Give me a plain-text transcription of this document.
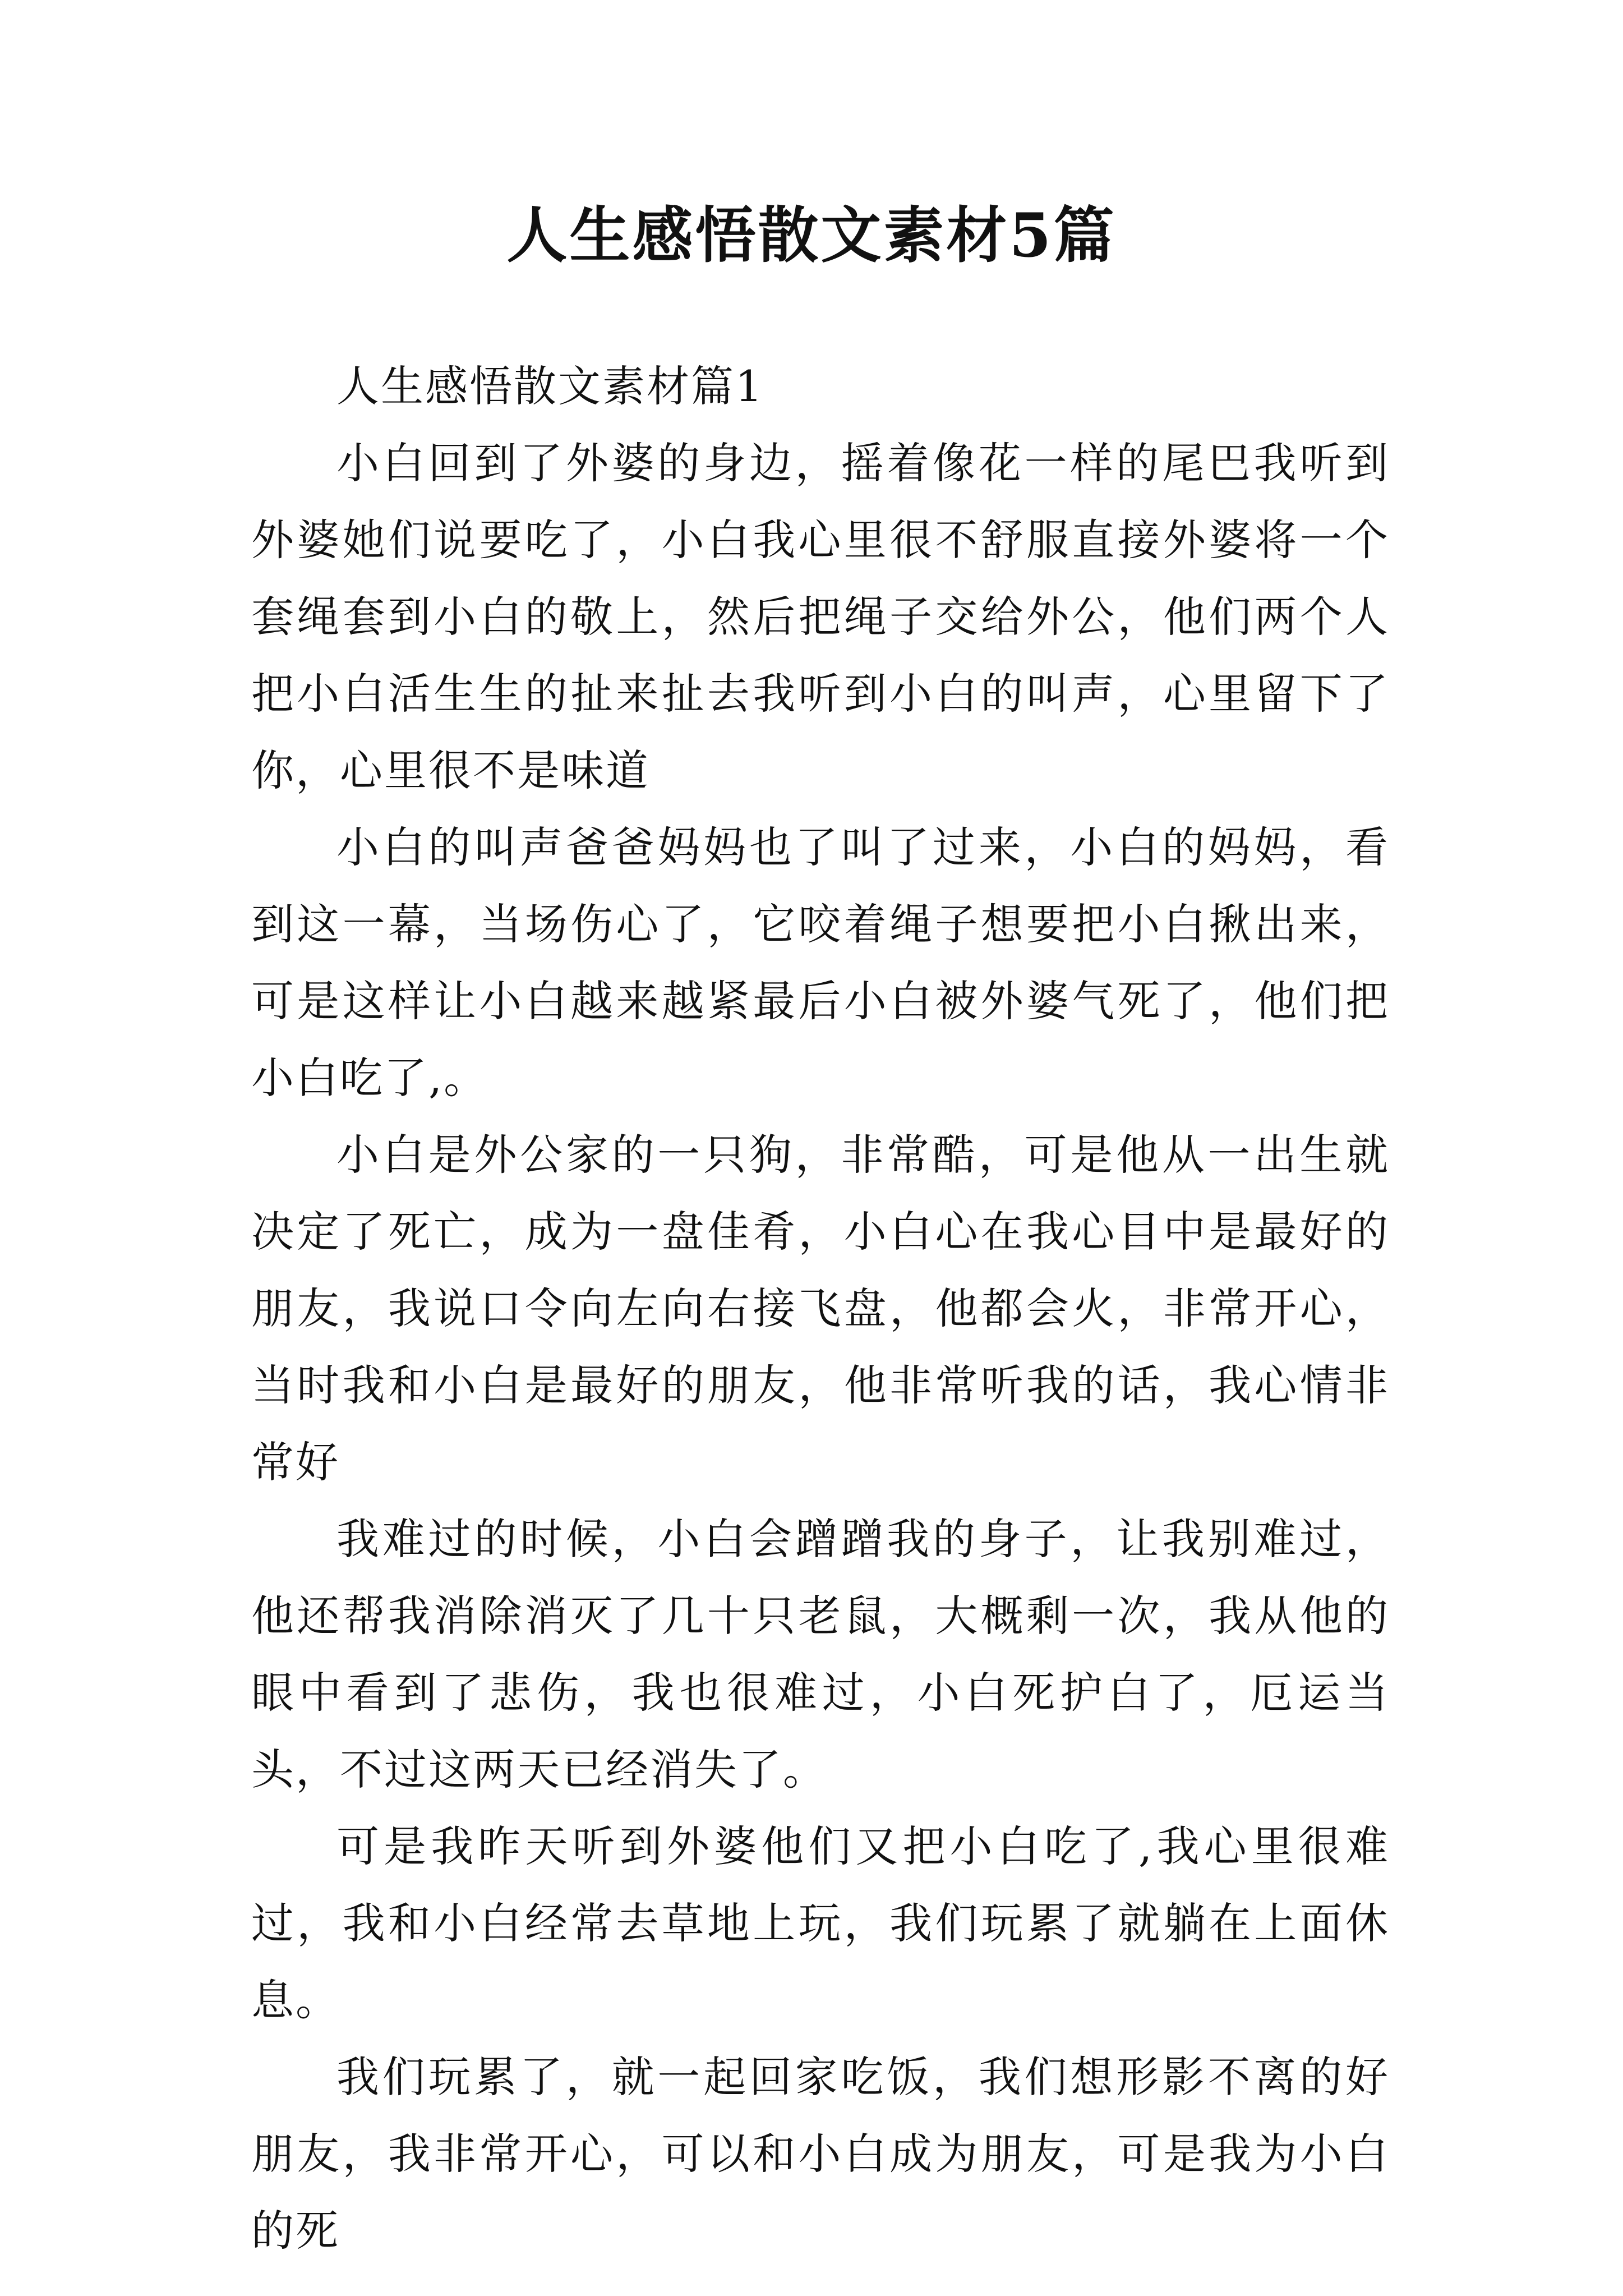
人生感悟散文素材5篇

人生感悟散文素材篇1

小白回到了外婆的身边，摇着像花一样的尾巴我听到外婆她们说要吃了，小白我心里很不舒服直接外婆将一个套绳套到小白的敬上，然后把绳子交给外公，他们两个人把小白活生生的扯来扯去我听到小白的叫声，心里留下了你，心里很不是味道

小白的叫声爸爸妈妈也了叫了过来，小白的妈妈，看到这一幕，当场伤心了，它咬着绳子想要把小白揪出来，可是这样让小白越来越紧最后小白被外婆气死了，他们把小白吃了,。

小白是外公家的一只狗，非常酷，可是他从一出生就决定了死亡，成为一盘佳肴，小白心在我心目中是最好的朋友，我说口令向左向右接飞盘，他都会火，非常开心，当时我和小白是最好的朋友，他非常听我的话，我心情非常好

我难过的时候，小白会蹭蹭我的身子，让我别难过，他还帮我消除消灭了几十只老鼠，大概剩一次，我从他的眼中看到了悲伤，我也很难过，小白死护白了，厄运当头，不过这两天已经消失了。

可是我昨天听到外婆他们又把小白吃了,我心里很难过，我和小白经常去草地上玩，我们玩累了就躺在上面休息。

我们玩累了，就一起回家吃饭，我们想形影不离的好朋友，我非常开心，可以和小白成为朋友，可是我为小白的死
